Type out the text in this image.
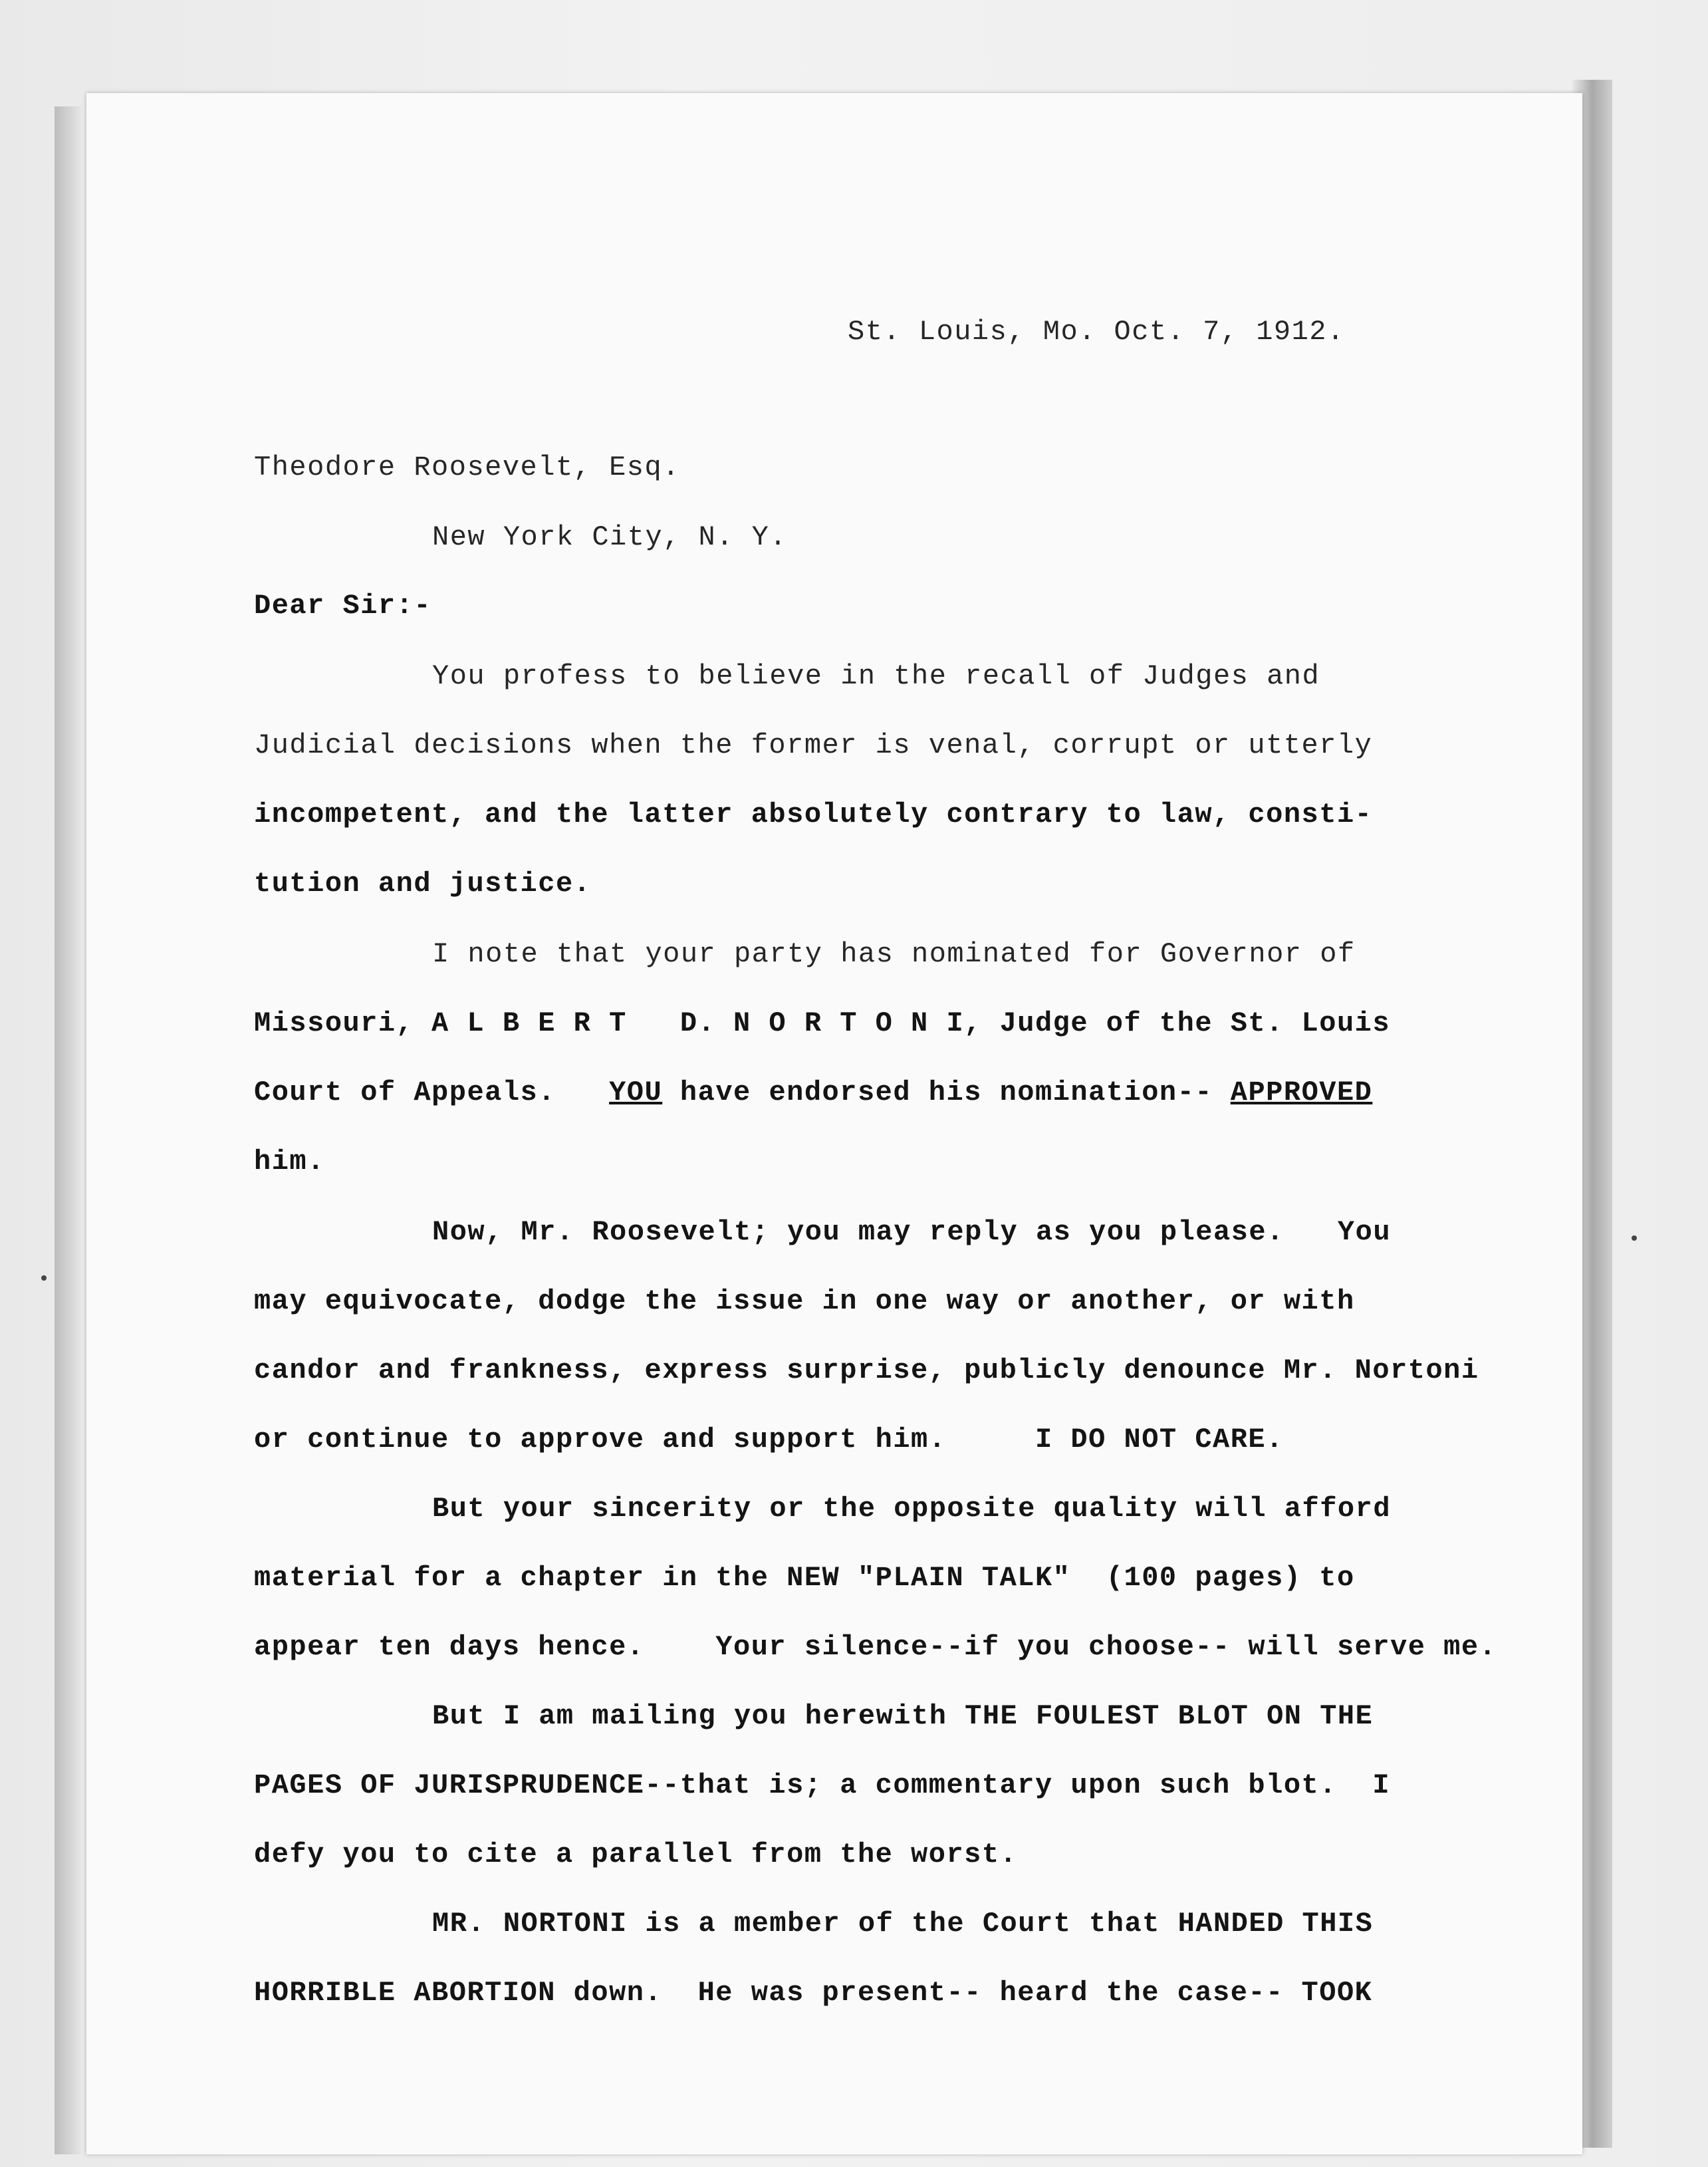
St. Louis, Mo. Oct. 7, 1912.
Theodore Roosevelt, Esq.
New York City, N. Y.
Dear Sir:-
You profess to believe in the recall of Judges and
Judicial decisions when the former is venal, corrupt or utterly
incompetent, and the latter absolutely contrary to law, consti-
tution and justice.
I note that your party has nominated for Governor of
Missouri, A L B E R T   D. N O R T O N I, Judge of the St. Louis
Court of Appeals.   YOU have endorsed his nomination-- APPROVED
him.
Now, Mr. Roosevelt; you may reply as you please.   You
may equivocate, dodge the issue in one way or another, or with
candor and frankness, express surprise, publicly denounce Mr. Nortoni
or continue to approve and support him.     I DO NOT CARE.
But your sincerity or the opposite quality will afford
material for a chapter in the NEW "PLAIN TALK"  (100 pages) to
appear ten days hence.    Your silence--if you choose-- will serve me.
But I am mailing you herewith THE FOULEST BLOT ON THE
PAGES OF JURISPRUDENCE--that is; a commentary upon such blot.  I
defy you to cite a parallel from the worst.
MR. NORTONI is a member of the Court that HANDED THIS
HORRIBLE ABORTION down.  He was present-- heard the case-- TOOK
